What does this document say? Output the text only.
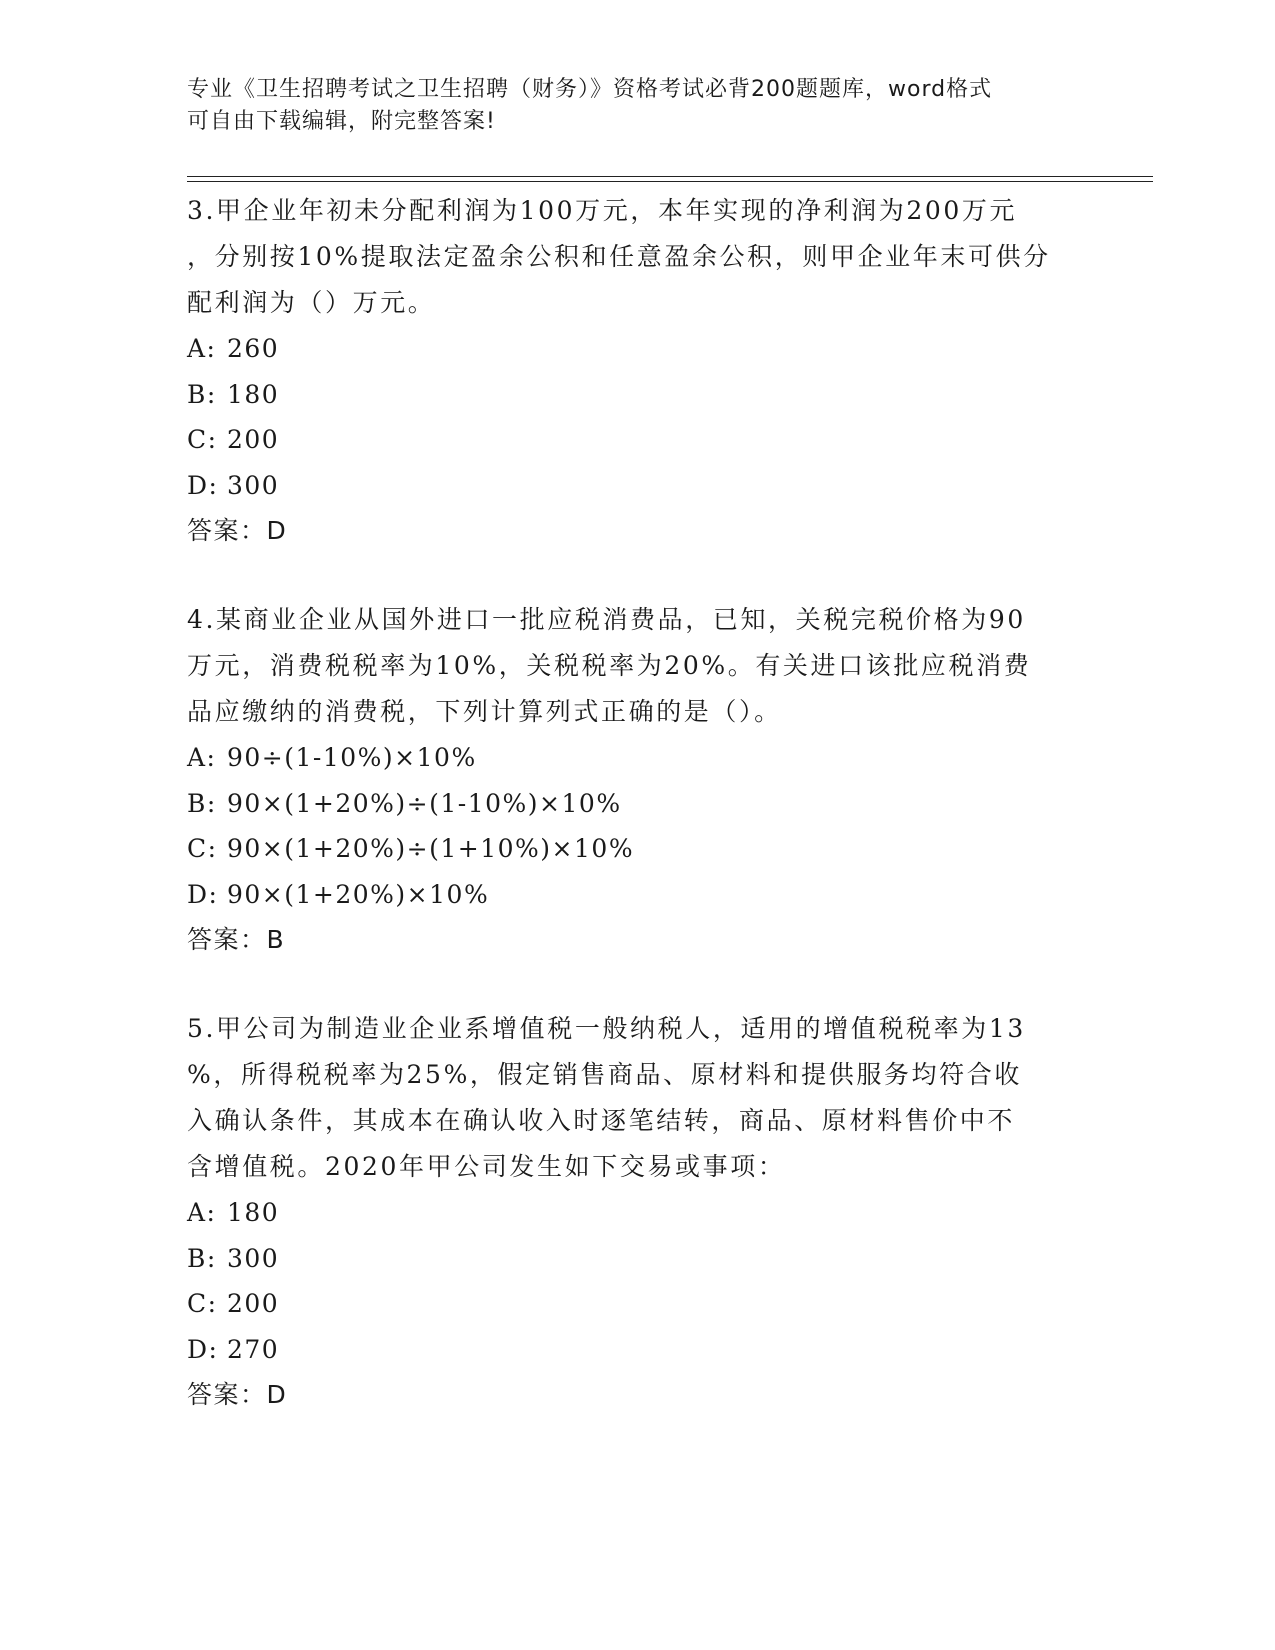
专业《卫生招聘考试之卫生招聘（财务）》资格考试必背200题题库，word格式
可自由下载编辑，附完整答案!
3.甲企业年初未分配利润为100万元，本年实现的净利润为200万元
，分别按10%提取法定盈余公积和任意盈余公积，则甲企业年末可供分
配利润为（）万元。
A: 260
B: 180
C: 200
D: 300
答案：D
4.某商业企业从国外进口一批应税消费品，已知，关税完税价格为90
万元，消费税税率为10%，关税税率为20%。有关进口该批应税消费
品应缴纳的消费税，下列计算列式正确的是（）。
A: 90÷(1-10%)×10%
B: 90×(1+20%)÷(1-10%)×10%
C: 90×(1+20%)÷(1+10%)×10%
D: 90×(1+20%)×10%
答案：B
5.甲公司为制造业企业系增值税一般纳税人，适用的增值税税率为13
%，所得税税率为25%，假定销售商品、原材料和提供服务均符合收
入确认条件，其成本在确认收入时逐笔结转，商品、原材料售价中不
含增值税。2020年甲公司发生如下交易或事项：
A: 180
B: 300
C: 200
D: 270
答案：D
